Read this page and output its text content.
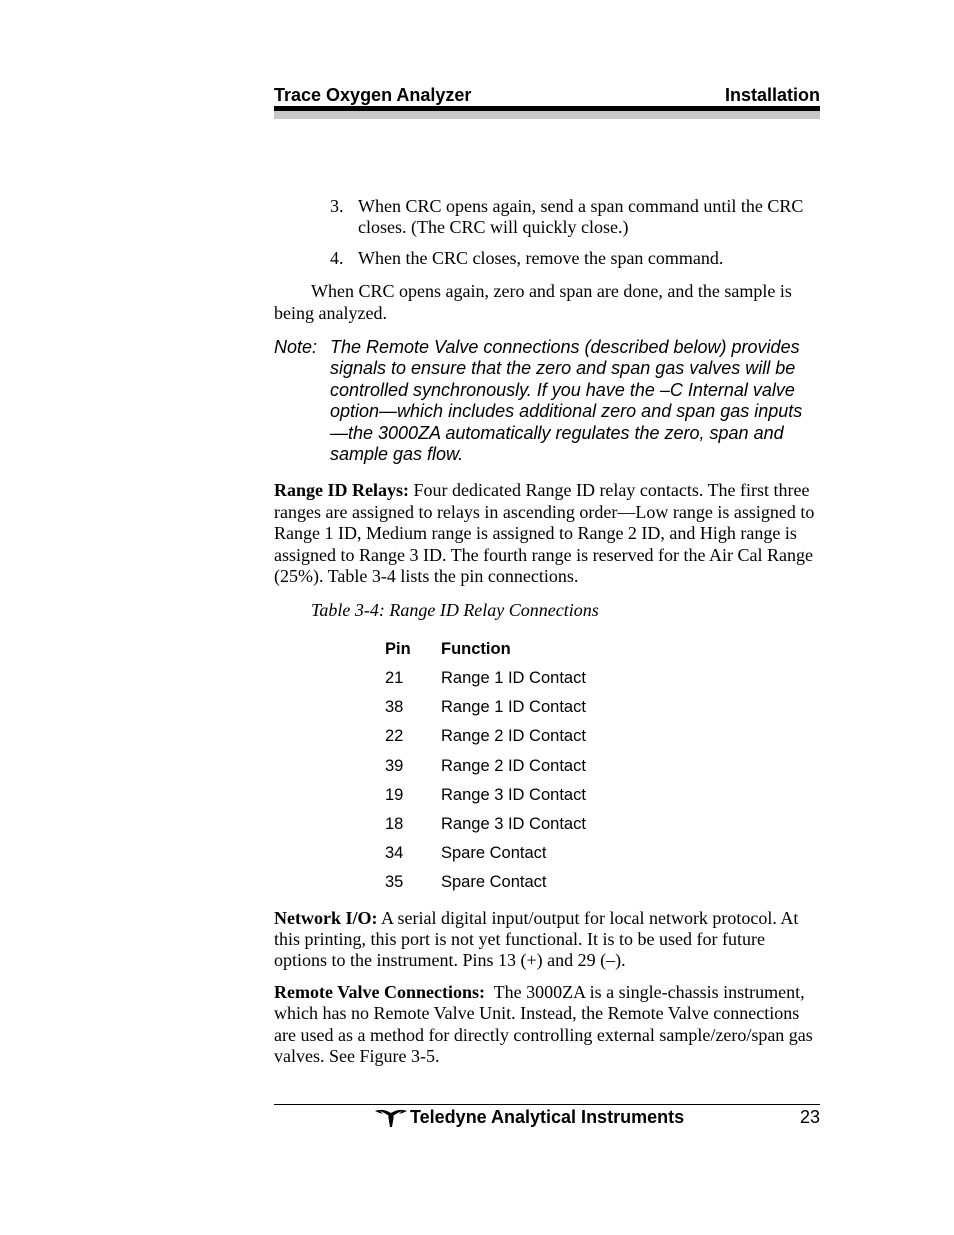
Trace Oxygen Analyzer	Installation
3. When CRC opens again, send a span command until the CRC closes. (The CRC will quickly close.)
4. When the CRC closes, remove the span command.

When CRC opens again, zero and span are done, and the sample is being analyzed.

Note: The Remote Valve connections (described below) provides signals to ensure that the zero and span gas valves will be controlled synchronously. If you have the –C Internal valve option—which includes additional zero and span gas inputs—the 3000ZA automatically regulates the zero, span and sample gas flow.

Range ID Relays: Four dedicated Range ID relay contacts. The first three ranges are assigned to relays in ascending order—Low range is assigned to Range 1 ID, Medium range is assigned to Range 2 ID, and High range is assigned to Range 3 ID. The fourth range is reserved for the Air Cal Range (25%). Table 3-4 lists the pin connections.

Table 3-4: Range ID Relay Connections

Pin	Function
21	Range 1 ID Contact
38	Range 1 ID Contact
22	Range 2 ID Contact
39	Range 2 ID Contact
19	Range 3 ID Contact
18	Range 3 ID Contact
34	Spare Contact
35	Spare Contact

Network I/O: A serial digital input/output for local network protocol. At this printing, this port is not yet functional. It is to be used for future options to the instrument. Pins 13 (+) and 29 (–).

Remote Valve Connections: The 3000ZA is a single-chassis instrument, which has no Remote Valve Unit. Instead, the Remote Valve connections are used as a method for directly controlling external sample/zero/span gas valves. See Figure 3-5.

Teledyne Analytical Instruments	23
